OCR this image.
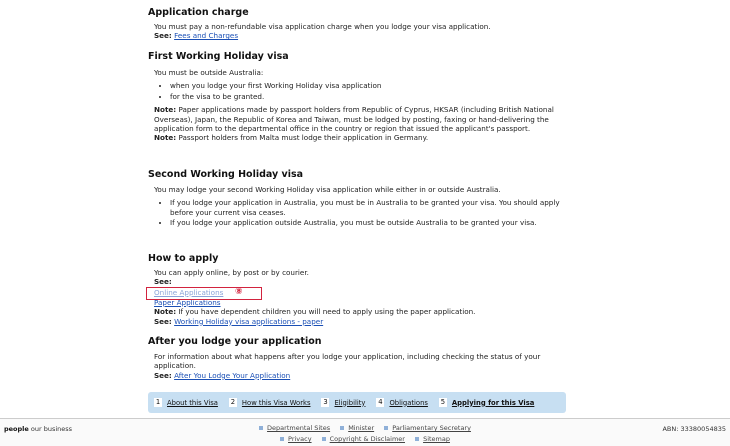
Application charge

You must pay a non-refundable visa application charge when you lodge your visa application.

See: Fees and Charges

First Working Holiday visa

You must be outside Australia:

• when you lodge your first Working Holiday visa application
• for the visa to be granted.

Note: Paper applications made by passport holders from Republic of Cyprus, HKSAR (including British National Overseas), Japan, the Republic of Korea and Taiwan, must be lodged by posting, faxing or hand-delivering the application form to the departmental office in the country or region that issued the applicant's passport.

Note: Passport holders from Malta must lodge their application in Germany.

Second Working Holiday visa

You may lodge your second Working Holiday visa application while either in or outside Australia.

• If you lodge your application in Australia, you must be in Australia to be granted your visa. You should apply before your current visa ceases.
• If you lodge your application outside Australia, you must be outside Australia to be granted your visa.
How to apply

You can apply online, by post or by courier.

See:

Online Applications ⑧

Paper Applications

Note: If you have dependent children you will need to apply using the paper application.

See: Working Holiday visa applications - paper

After you lodge your application

For information about what happens after you lodge your application, including checking the status of your application.

See: After You Lodge Your Application

1 About this Visa 2 How this Visa Works 3 Eligibility 4 Obligations 5 Applying for this Visa
people our business	ABN: 33380054835
Departmental Sites	Minister	Parliamentary Secretary
Privacy	Copyright & Disclaimer	Sitemap
